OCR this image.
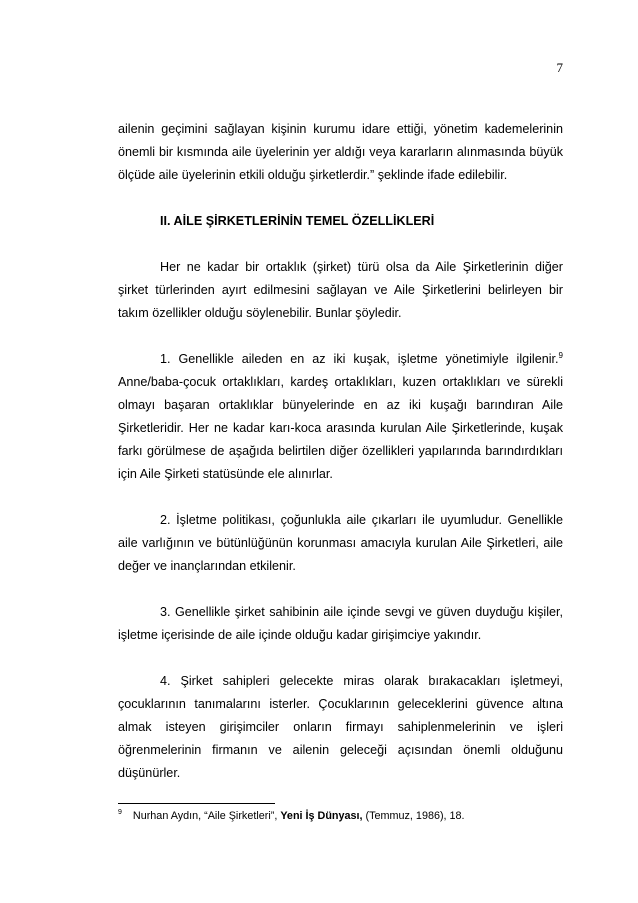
7

ailenin geçimini sağlayan kişinin kurumu idare ettiği, yönetim kademelerinin önemli bir kısmında aile üyelerinin yer aldığı veya kararların alınmasında büyük ölçüde aile üyelerinin etkili olduğu şirketlerdir.” şeklinde ifade edilebilir.

II. AİLE ŞİRKETLERİNİN TEMEL ÖZELLİKLERİ

Her ne kadar bir ortaklık (şirket) türü olsa da Aile Şirketlerinin diğer şirket türlerinden ayırt edilmesini sağlayan ve Aile Şirketlerini belirleyen bir takım özellikler olduğu söylenebilir. Bunlar şöyledir.

1. Genellikle aileden en az iki kuşak, işletme yönetimiyle ilgilenir.$^9$ Anne/baba-çocuk ortaklıkları, kardeş ortaklıkları, kuzen ortaklıkları ve sürekli olmayı başaran ortaklıklar bünyelerinde en az iki kuşağı barındıran Aile Şirketleridir. Her ne kadar karı-koca arasında kurulan Aile Şirketlerinde, kuşak farkı görülmese de aşağıda belirtilen diğer özellikleri yapılarında barındırdıkları için Aile Şirketi statüsünde ele alınırlar.

2. İşletme politikası, çoğunlukla aile çıkarları ile uyumludur. Genellikle aile varlığının ve bütünlüğünün korunması amacıyla kurulan Aile Şirketleri, aile değer ve inançlarından etkilenir.

3. Genellikle şirket sahibinin aile içinde sevgi ve güven duyduğu kişiler, işletme içerisinde de aile içinde olduğu kadar girişimciye yakındır.

4. Şirket sahipleri gelecekte miras olarak bırakacakları işletmeyi, çocuklarının tanımalarını isterler. Çocuklarının geleceklerini güvence altına almak isteyen girişimciler onların firmayı sahiplenmelerinin ve işleri öğrenmelerinin firmanın ve ailenin geleceği açısından önemli olduğunu düşünürler.

$^9$ Nurhan Aydın, “Aile Şirketleri”, Yeni İş Dünyası, (Temmuz, 1986), 18.
